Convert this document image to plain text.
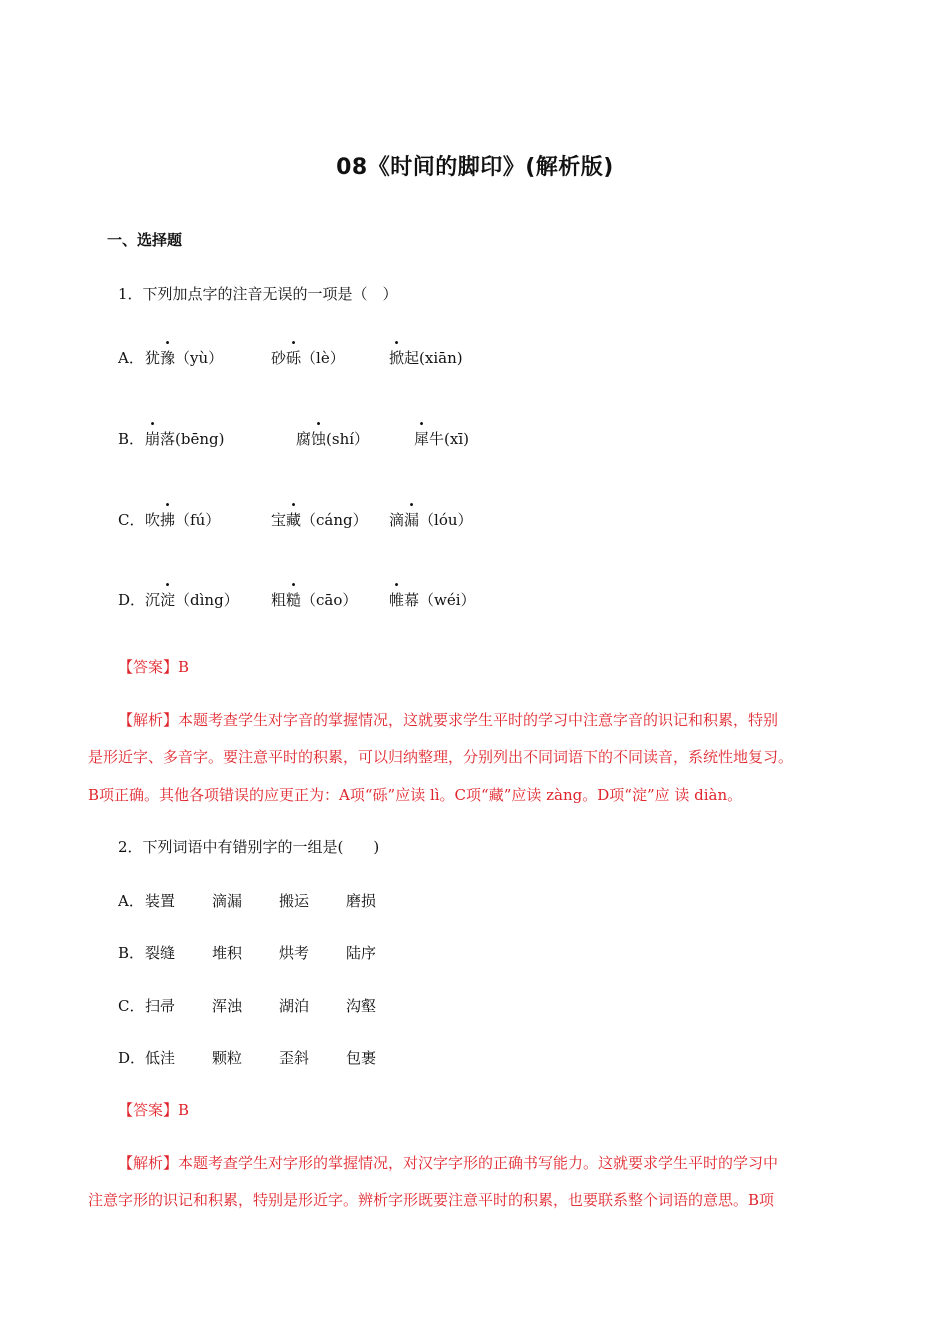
08《时间的脚印》(解析版)
一、选择题
1．下列加点字的注音无误的一项是（　）
A． 犹豫（yù）	砂砾（lè）	掀起(xiān)
B． 崩落(bēng)	腐蚀(shí）	犀牛(xī)
C． 吹拂（fú）	宝藏（cáng） 滴漏（lóu）
D． 沉淀（dìng） 粗糙（cāo） 帷幕（wéi）
【答案】B
【解析】本题考查学生对字音的掌握情况，这就要求学生平时的学习中注意字音的识记和积累，特别
是形近字、多音字。要注意平时的积累，可以归纳整理，分别列出不同词语下的不同读音，系统性地复习。
B项正确。其他各项错误的应更正为：A项“砾”应读 lì。C项“藏”应读 zàng。D项“淀”应 读 diàn。
2．下列词语中有错别字的一组是(　　)
A． 装置 滴漏 搬运 磨损
B． 裂缝 堆积 烘考 陆序
C． 扫帚 浑浊 湖泊 沟壑
D． 低洼 颗粒 歪斜 包裹
【答案】B
【解析】本题考查学生对字形的掌握情况，对汉字字形的正确书写能力。这就要求学生平时的学习中
注意字形的识记和积累，特别是形近字。辨析字形既要注意平时的积累，也要联系整个词语的意思。B项
